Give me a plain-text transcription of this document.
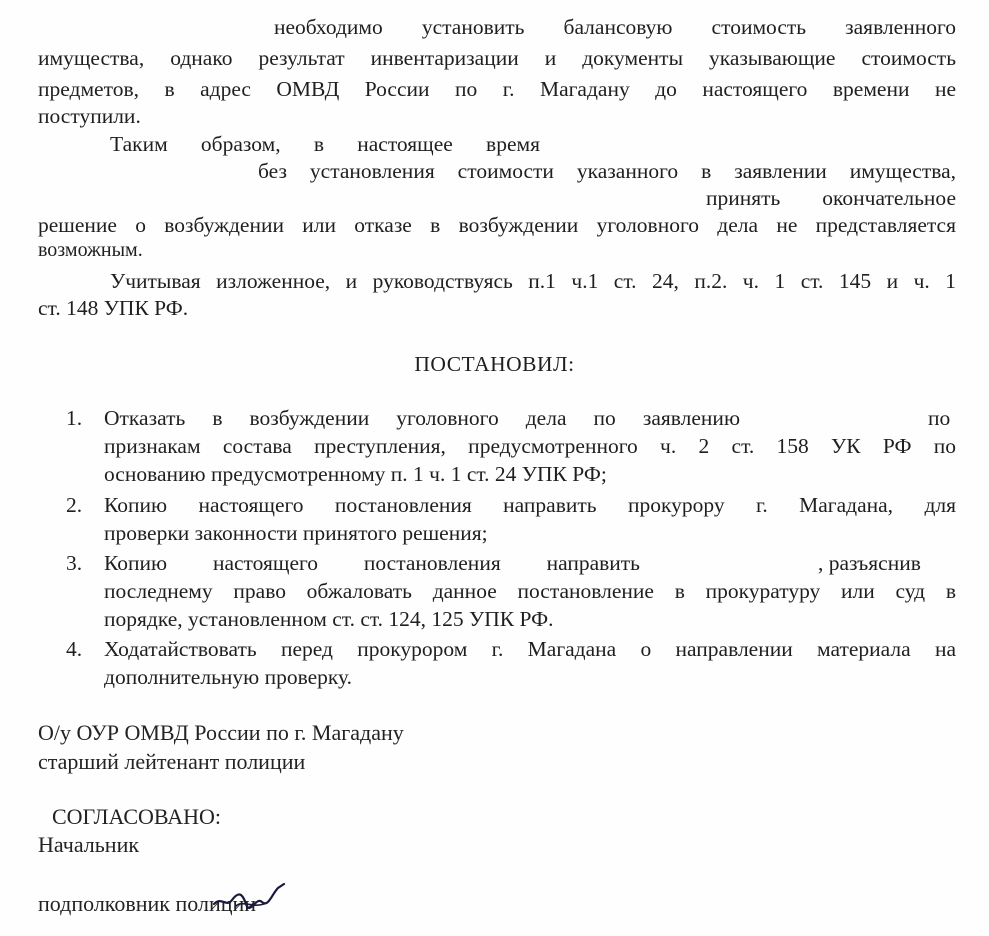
необходимо установить балансовую стоимость заявленного
имущества, однако результат инвентаризации и документы указывающие стоимость
предметов, в адрес ОМВД России по г. Магадану до настоящего времени не
поступили.
Таким образом, в настоящее время
без установления стоимости указанного в заявлении имущества,
принять окончательное
решение о возбуждении или отказе в возбуждении уголовного дела не представляется
возможным.
Учитывая изложенное, и руководствуясь п.1 ч.1 ст. 24, п.2. ч. 1 ст. 145 и ч. 1
ст. 148 УПК РФ.
ПОСТАНОВИЛ:
1. Отказать в возбуждении уголовного дела по заявлению	по
признакам состава преступления, предусмотренного ч. 2 ст. 158 УК РФ по
основанию предусмотренному п. 1 ч. 1 ст. 24 УПК РФ;
2. Копию настоящего постановления направить прокурору г. Магадана, для
проверки законности принятого решения;
3. Копию настоящего постановления направить	, разъяснив
последнему право обжаловать данное постановление в прокуратуру или суд в
порядке, установленном ст. ст. 124, 125 УПК РФ.
4. Ходатайствовать перед прокурором г. Магадана о направлении материала на
дополнительную проверку.
О/у ОУР ОМВД России по г. Магадану
старший лейтенант полиции
СОГЛАСОВАНО:
Начальник
подполковник полиции
